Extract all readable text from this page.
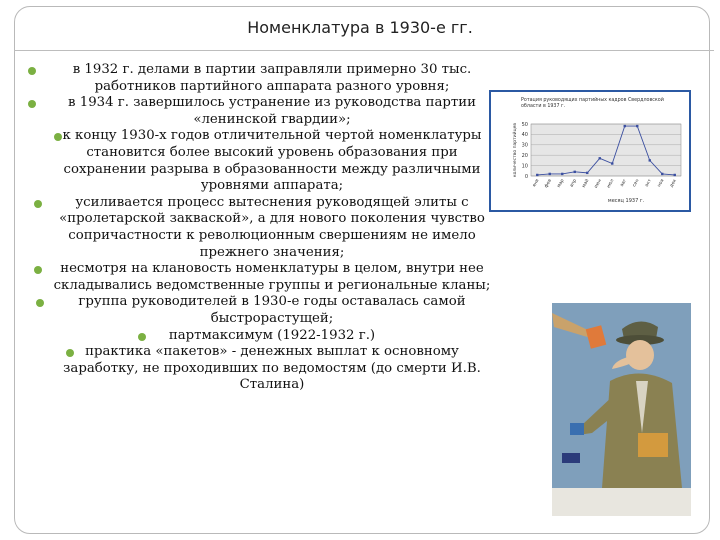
Номенклатура в 1930-е гг.
в 1932 г. делами в партии заправляли примерно 30 тыс. работников партийного аппарата разного уровня;
в 1934 г. завершилось устранение из руководства партии «ленинской гвардии»;
к концу 1930-х годов отличительной чертой номенклатуры становится более высокий уровень образования при сохранении разрыва в образованности между различными уровнями аппарата;
усиливается процесс вытеснения руководящей элиты с «пролетарской закваской», а для нового поколения чувство сопричастности к революционным свершениям не имело прежнего значения;
несмотря на клановость номенклатуры в целом, внутри нее складывались ведомственные группы и региональные кланы;
группа руководителей в 1930-е годы оставалась самой быстрорастущей;
партмаксимум (1922-1932 г.)
практика «пакетов» - денежных выплат к основному заработку, не проходивших по ведомостям (до смерти И.В. Сталина)
Ротация руководящих партийных кадров Свердловской области в 1937 г.
0
10
20
30
40
50
количество партийцев
янв фев мар апр май июн июл авг сен окт ноя дек
месяц 1937 г.
